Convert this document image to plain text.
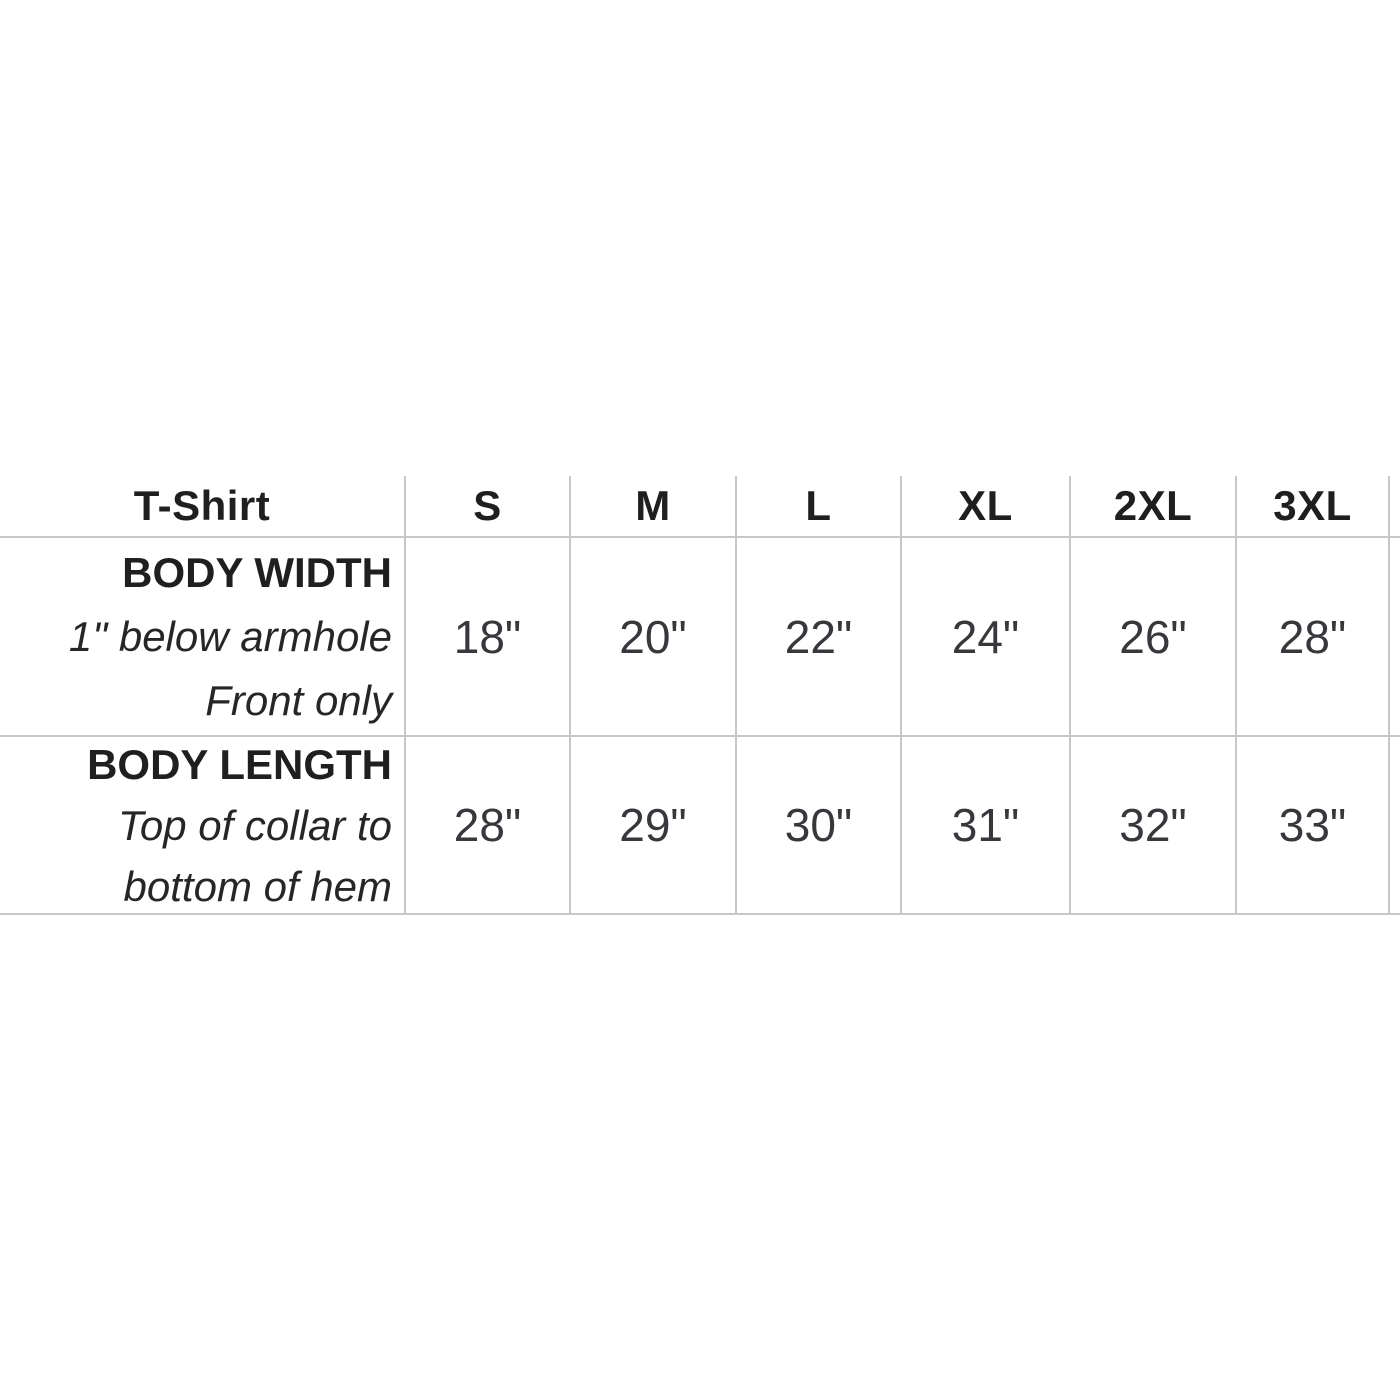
T-Shirt	S	M	L	XL 2XL 3XL
BODY WIDTH
1" below armhole
Front only
18" 20" 22" 24" 26" 28"
BODY LENGTH
Top of collar to
bottom of hem
28" 29" 30" 31" 32" 33"
